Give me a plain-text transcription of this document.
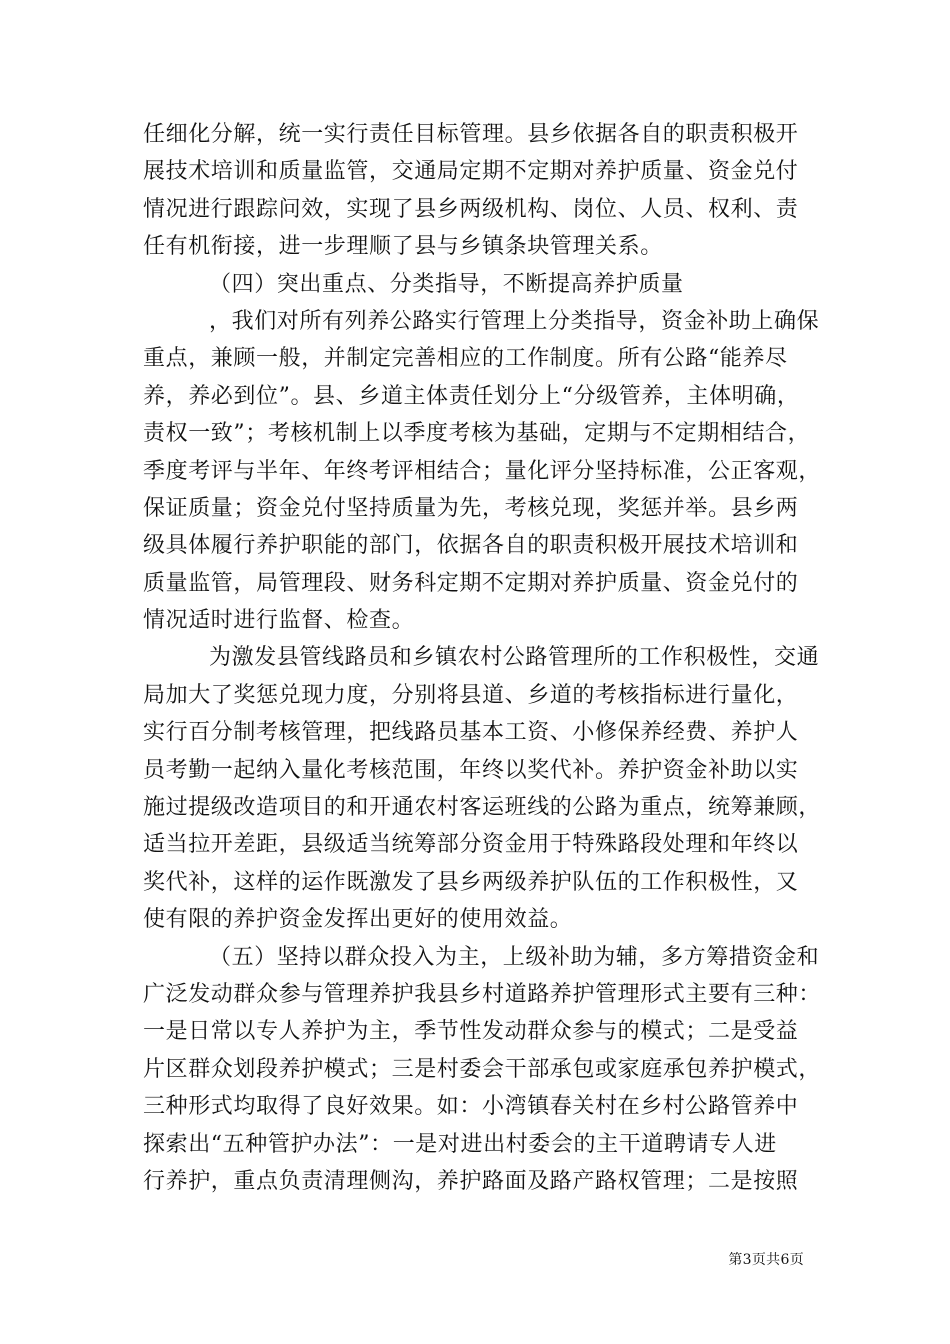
任细化分解，统一实行责任目标管理。县乡依据各自的职责积极开
展技术培训和质量监管，交通局定期不定期对养护质量、资金兑付
情况进行跟踪问效，实现了县乡两级机构、岗位、人员、权利、责
任有机衔接，进一步理顺了县与乡镇条块管理关系。
（四）突出重点、分类指导，不断提高养护质量
，我们对所有列养公路实行管理上分类指导，资金补助上确保
重点，兼顾一般，并制定完善相应的工作制度。所有公路“能养尽
养，养必到位”。县、乡道主体责任划分上“分级管养，主体明确，
责权一致”；考核机制上以季度考核为基础，定期与不定期相结合，
季度考评与半年、年终考评相结合；量化评分坚持标准，公正客观，
保证质量；资金兑付坚持质量为先，考核兑现，奖惩并举。县乡两
级具体履行养护职能的部门，依据各自的职责积极开展技术培训和
质量监管，局管理段、财务科定期不定期对养护质量、资金兑付的
情况适时进行监督、检查。
为激发县管线路员和乡镇农村公路管理所的工作积极性，交通
局加大了奖惩兑现力度，分别将县道、乡道的考核指标进行量化，
实行百分制考核管理，把线路员基本工资、小修保养经费、养护人
员考勤一起纳入量化考核范围，年终以奖代补。养护资金补助以实
施过提级改造项目的和开通农村客运班线的公路为重点，统筹兼顾，
适当拉开差距，县级适当统筹部分资金用于特殊路段处理和年终以
奖代补，这样的运作既激发了县乡两级养护队伍的工作积极性，又
使有限的养护资金发挥出更好的使用效益。
（五）坚持以群众投入为主，上级补助为辅，多方筹措资金和
广泛发动群众参与管理养护我县乡村道路养护管理形式主要有三种：
一是日常以专人养护为主，季节性发动群众参与的模式；二是受益
片区群众划段养护模式；三是村委会干部承包或家庭承包养护模式，
三种形式均取得了良好效果。如：小湾镇春关村在乡村公路管养中
探索出“五种管护办法”：一是对进出村委会的主干道聘请专人进
行养护，重点负责清理侧沟，养护路面及路产路权管理；二是按照
第3页共6页
